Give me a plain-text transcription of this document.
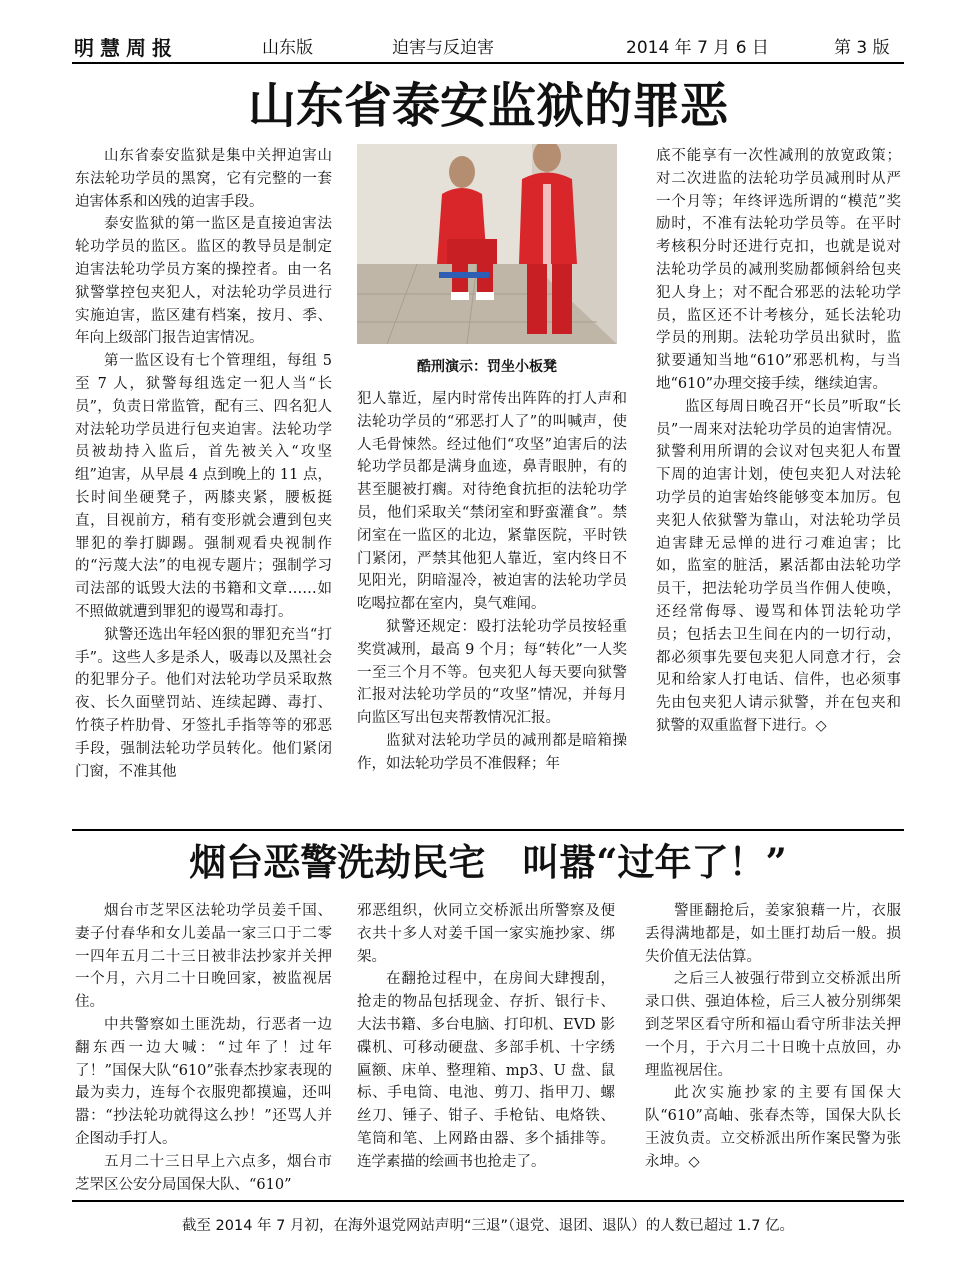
明慧周报	山东版	迫害与反迫害	2014 年 7 月 6 日	第 3 版
山东省泰安监狱的罪恶

山东省泰安监狱是集中关押迫害山东法轮功学员的黑窝，它有完整的一套迫害体系和凶残的迫害手段。

泰安监狱的第一监区是直接迫害法轮功学员的监区。监区的教导员是制定迫害法轮功学员方案的操控者。由一名狱警掌控包夹犯人，对法轮功学员进行实施迫害，监区建有档案，按月、季、年向上级部门报告迫害情况。

第一监区设有七个管理组，每组 5 至 7 人，狱警每组选定一犯人当“长员”，负责日常监管，配有三、四名犯人对法轮功学员进行包夹迫害。法轮功学员被劫持入监后，首先被关入“攻坚组”迫害，从早晨 4 点到晚上的 11 点，长时间坐硬凳子，两膝夹紧，腰板挺直，目视前方，稍有变形就会遭到包夹罪犯的拳打脚踢。强制观看央视制作的“污蔑大法”的电视专题片；强制学习司法部的诋毁大法的书籍和文章……如不照做就遭到罪犯的谩骂和毒打。

狱警还选出年轻凶狠的罪犯充当“打手”。这些人多是杀人，吸毒以及黑社会的犯罪分子。他们对法轮功学员采取熬夜、长久面壁罚站、连续起蹲、毒打、竹筷子杵肋骨、牙签扎手指等等的邪恶手段，强制法轮功学员转化。他们紧闭门窗，不准其他

酷刑演示：罚坐小板凳

犯人靠近，屋内时常传出阵阵的打人声和法轮功学员的“邪恶打人了”的叫喊声，使人毛骨悚然。经过他们“攻坚”迫害后的法轮功学员都是满身血迹，鼻青眼肿，有的甚至腿被打瘸。对待绝食抗拒的法轮功学员，他们采取关“禁闭室和野蛮灌食”。禁闭室在一监区的北边，紧靠医院，平时铁门紧闭，严禁其他犯人靠近，室内终日不见阳光，阴暗湿冷，被迫害的法轮功学员吃喝拉都在室内，臭气难闻。

狱警还规定：殴打法轮功学员按轻重奖赏减刑，最高 9 个月；每“转化”一人奖一至三个月不等。包夹犯人每天要向狱警汇报对法轮功学员的“攻坚”情况，并每月向监区写出包夹帮教情况汇报。

监狱对法轮功学员的减刑都是暗箱操作，如法轮功学员不准假释；年

底不能享有一次性减刑的放宽政策；对二次进监的法轮功学员减刑时从严一个月等；年终评选所谓的“模范”奖励时，不准有法轮功学员等。在平时考核积分时还进行克扣，也就是说对法轮功学员的减刑奖励都倾斜给包夹犯人身上；对不配合邪恶的法轮功学员，监区还不计考核分，延长法轮功学员的刑期。法轮功学员出狱时，监狱要通知当地“610”邪恶机构，与当地“610”办理交接手续，继续迫害。

监区每周日晚召开“长员”听取“长员”一周来对法轮功学员的迫害情况。狱警利用所谓的会议对包夹犯人布置下周的迫害计划，使包夹犯人对法轮功学员的迫害始终能够变本加厉。包夹犯人依狱警为靠山，对法轮功学员迫害肆无忌惮的进行刁难迫害；比如，监室的脏活，累活都由法轮功学员干，把法轮功学员当作佣人使唤，还经常侮辱、谩骂和体罚法轮功学员；包括去卫生间在内的一切行动，都必须事先要包夹犯人同意才行，会见和给家人打电话、信件，也必须事先由包夹犯人请示狱警，并在包夹和狱警的双重监督下进行。◇

烟台恶警洗劫民宅　叫嚣“过年了！”

烟台市芝罘区法轮功学员姜千国、妻子付春华和女儿姜晶一家三口于二零一四年五月二十三日被非法抄家并关押一个月，六月二十日晚回家，被监视居住。

中共警察如土匪洗劫，行恶者一边翻东西一边大喊：“过年了！过年了！”国保大队“610”张春杰抄家表现的最为卖力，连每个衣服兜都摸遍，还叫嚣：“抄法轮功就得这么抄！”还骂人并企图动手打人。

五月二十三日早上六点多，烟台市芝罘区公安分局国保大队、“610”

邪恶组织，伙同立交桥派出所警察及便衣共十多人对姜千国一家实施抄家、绑架。

在翻抢过程中，在房间大肆搜刮，抢走的物品包括现金、存折、银行卡、大法书籍、多台电脑、打印机、EVD 影碟机、可移动硬盘、多部手机、十字绣匾额、床单、整理箱、mp3、U 盘、鼠标、手电筒、电池、剪刀、指甲刀、螺丝刀、锤子、钳子、手枪钻、电烙铁、笔筒和笔、上网路由器、多个插排等。连学素描的绘画书也抢走了。

警匪翻抢后，姜家狼藉一片，衣服丢得满地都是，如土匪打劫后一般。损失价值无法估算。

之后三人被强行带到立交桥派出所录口供、强迫体检，后三人被分别绑架到芝罘区看守所和福山看守所非法关押一个月，于六月二十日晚十点放回，办理监视居住。

此次实施抄家的主要有国保大队“610”高岫、张春杰等，国保大队长王波负责。立交桥派出所作案民警为张永坤。◇

截至 2014 年 7 月初，在海外退党网站声明“三退”（退党、退团、退队）的人数已超过 1.7 亿。
